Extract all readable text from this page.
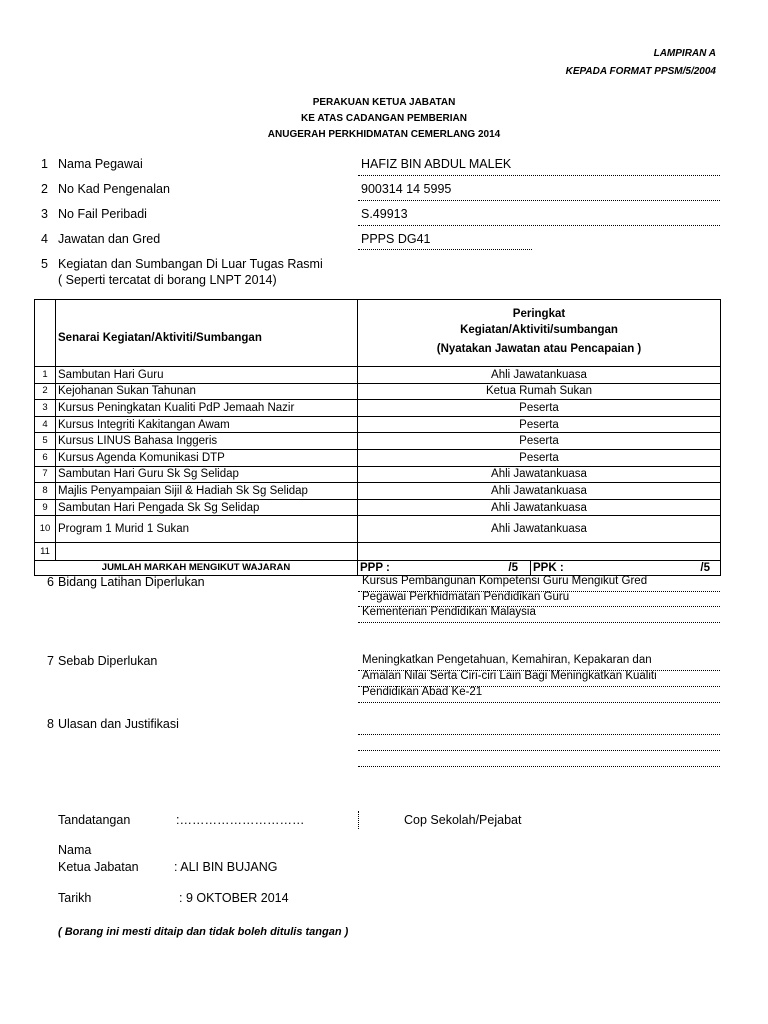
LAMPIRAN A
KEPADA FORMAT PPSM/5/2004
PERAKUAN KETUA JABATAN
KE ATAS CADANGAN PEMBERIAN
ANUGERAH PERKHIDMATAN CEMERLANG 2014
1 Nama Pegawai	HAFIZ BIN ABDUL MALEK
2 No Kad Pengenalan	900314 14 5995
3 No Fail Peribadi	S.49913
4 Jawatan dan Gred	PPPS DG41
5 Kegiatan dan Sumbangan Di Luar Tugas Rasmi
( Seperti tercatat di borang LNPT 2014)
	Senarai Kegiatan/Aktiviti/Sumbangan	Peringkat
Kegiatan/Aktiviti/sumbangan
(Nyatakan Jawatan atau Pencapaian )	

1	Sambutan Hari Guru	Ahli Jawatankuasa	
2	Kejohanan Sukan Tahunan	Ketua Rumah Sukan	
3	Kursus Peningkatan Kualiti PdP Jemaah Nazir	Peserta	
4	Kursus Integriti Kakitangan Awam	Peserta	
5	Kursus LINUS Bahasa Inggeris	Peserta	
6	Kursus Agenda Komunikasi DTP	Peserta	
7	Sambutan Hari Guru Sk Sg Selidap	Ahli Jawatankuasa	
8	Majlis Penyampaian Sijil & Hadiah Sk Sg Selidap	Ahli Jawatankuasa	
9	Sambutan Hari Pengada Sk Sg Selidap	Ahli Jawatankuasa	
10	Program 1 Murid 1 Sukan	Ahli Jawatankuasa	
11			
JUMLAH MARKAH MENGIKUT WAJARAN		PPP : /5	PPK : /5
6 Bidang Latihan Diperlukan	Kursus Pembangunan Kompetensi Guru Mengikut Gred
Pegawai Perkhidmatan Pendidikan Guru
Kementerian Pendidikan Malaysia
7 Sebab Diperlukan	Meningkatkan Pengetahuan, Kemahiran, Kepakaran dan
Amalan Nilai Serta Ciri-ciri Lain Bagi Meningkatkan Kualiti
Pendidikan Abad Ke-21
8 Ulasan dan Justifikasi
Tandatangan	:…………………………	Cop Sekolah/Pejabat
Nama
Ketua Jabatan	: ALI BIN BUJANG
Tarikh	: 9 OKTOBER 2014
( Borang ini mesti ditaip dan tidak boleh ditulis tangan )
